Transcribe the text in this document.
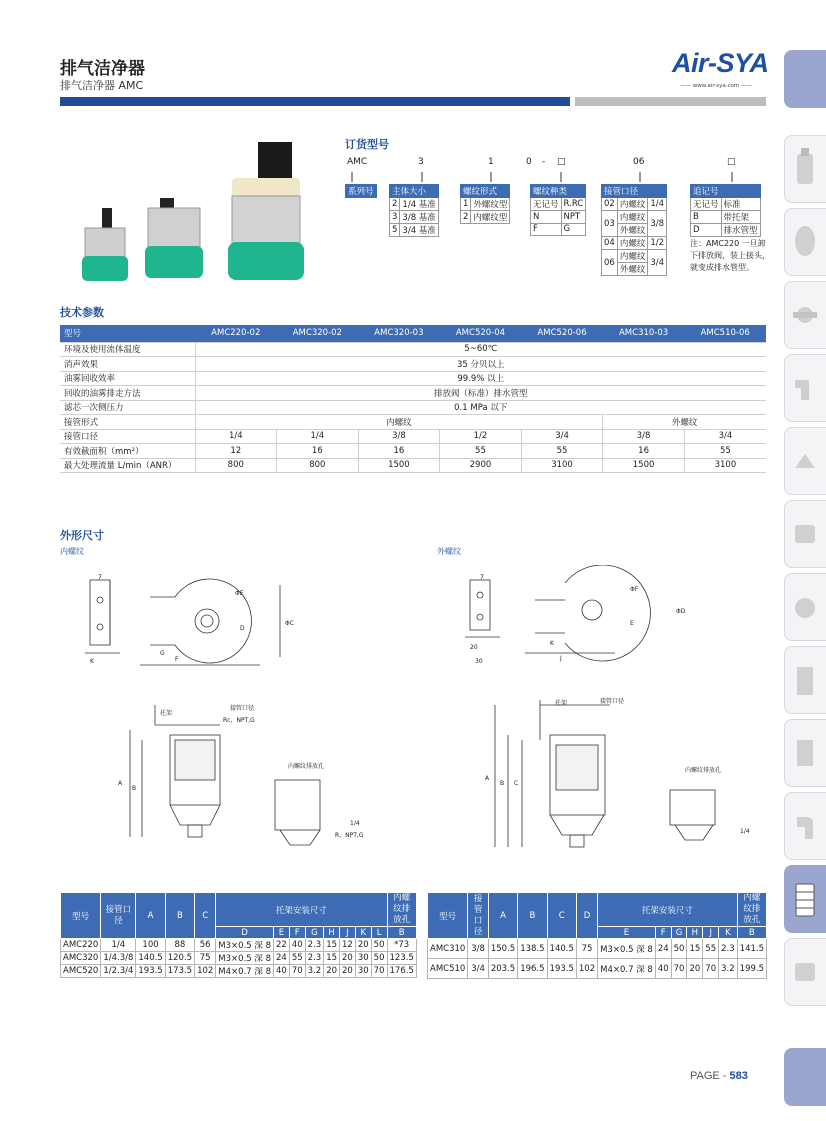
排气洁净器
排气洁净器 AMC
Air-SYA
—— www.air-sya.com ——
订货型号
AMC	3	1	0 - □	06	□
系列号 主体大小	
2	1/4 基准
3	3/8 基准
5	3/4 基准
螺纹形式	
1	外螺纹型
2	内螺纹型
螺纹种类	
无记号	R.RC
N	NPT
F	G
接管口径		
02	内螺纹	1/4
03	内螺纹	3/8
	外螺纹	
04	内螺纹	1/2
06	内螺纹	3/4
	外螺纹	
追记号	
无记号	标准
B	带托架
D	排水管型
注：AMC220 一旦卸
下排放阀，装上接头，
就变成排水管型。
技术参数
型号	AMC220-02	AMC320-02	AMC320-03	AMC520-04	AMC520-06	AMC310-03	AMC510-06
环境及使用流体温度	5~60℃						
消声效果	35 分贝以上						
油雾回收效率	99.9% 以上						
回收的油雾排走方法	排放阀（标准）排水管型						
滤芯一次侧压力	0.1 MPa 以下						
接管形式	内螺纹					外螺纹	
接管口径	1/4	1/4	3/8	1/2	3/4	3/8	3/4
有效截面积（mm²）	12	16	16	55	55	16	55
最大处理流量 L/min（ANR）	800	800	1500	2900	3100	1500	3100
外形尺寸
内螺纹	外螺纹
7
ΦE
D
ΦC
F
G
K
托架
接管口径
Rc，NPT,G
内螺纹排放孔
1/4
R，NPT,G
A
B
7
ΦF
E
ΦD
K
20
30	J
托架	接管口径
内螺纹排放孔
1/4
A
B C
型号	接管口径	A	B	C	托架安装尺寸								内螺纹排放孔
					D	E	F	G	H	J	K	L	B
AMC220	1/4	100	88	56	M3×0.5 深 8	22	40	2.3	15	12	20	50	*73
AMC320	1/4.3/8	140.5	120.5	75	M3×0.5 深 8	24	55	2.3	15	20	30	50	123.5
AMC520	1/2.3/4	193.5	173.5	102	M4×0.7 深 8	40	70	3.2	20	20	30	70	176.5
型号	接管口径	A	B	C	D	托架安装尺寸						内螺纹排放孔
						E	F	G	H	J	K	B
AMC310	3/8	150.5	138.5	140.5	75	M3×0.5 深 8	24	50	15	55	2.3	141.5
AMC510	3/4	203.5	196.5	193.5	102	M4×0.7 深 8	40	70	20	70	3.2	199.5
PAGE - 583
